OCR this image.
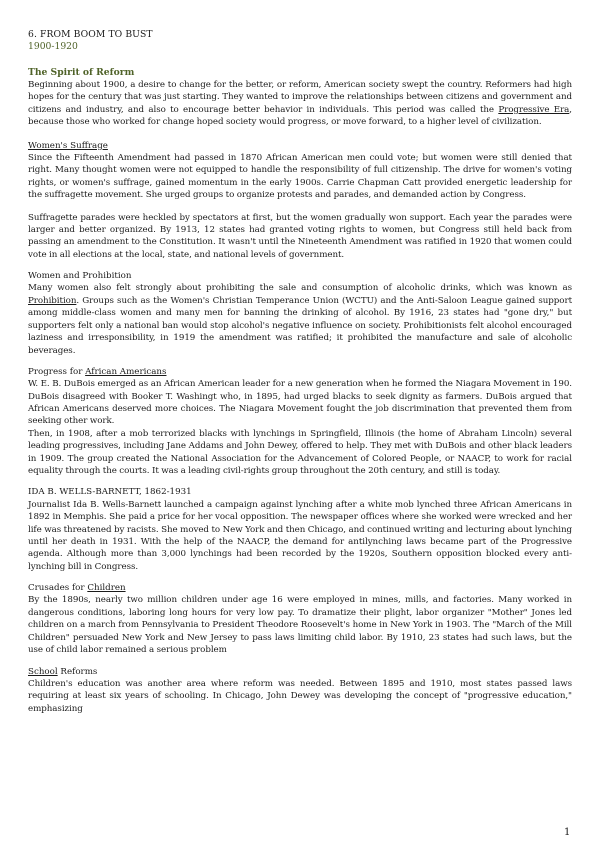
6. FROM BOOM TO BUST
1900-1920
The Spirit of Reform
Beginning about 1900, a desire to change for the better, or reform, American society swept the country. Reformers had high hopes for the century that was just starting. They wanted to improve the relationships between citizens and government and citizens and industry, and also to encourage better behavior in individuals. This period was called the Progressive Era, because those who worked for change hoped society would progress, or move forward, to a higher level of civilization.
Women's Suffrage
Since the Fifteenth Amendment had passed in 1870 African American men could vote; but women were still denied that right. Many thought women were not equipped to handle the responsibility of full citizenship. The drive for women's voting rights, or women's suffrage, gained momentum in the early 1900s. Carrie Chapman Catt provided energetic leadership for the suffragette movement. She urged groups to organize protests and parades, and demanded action by Congress.
Suffragette parades were heckled by spectators at first, but the women gradually won support. Each year the parades were larger and better organized. By 1913, 12 states had granted voting rights to women, but Congress still held back from passing an amendment to the Constitution. It wasn't until the Nineteenth Amendment was ratified in 1920 that women could vote in all elections at the local, state, and national levels of government.
Women and Prohibition
Many women also felt strongly about prohibiting the sale and consumption of alcoholic drinks, which was known as Prohibition. Groups such as the Women's Christian Temperance Union (WCTU) and the Anti-Saloon League gained support among middle-class women and many men for banning the drinking of alcohol. By 1916, 23 states had "gone dry," but supporters felt only a national ban would stop alcohol's negative influence on society. Prohibitionists felt alcohol encouraged laziness and irresponsibility, in 1919 the amendment was ratified; it prohibited the manufacture and sale of alcoholic beverages.
Progress for African Americans
W. E. B. DuBois emerged as an African American leader for a new generation when he formed the Niagara Movement in 190. DuBois disagreed with Booker T. Washingt who, in 1895, had urged blacks to seek dignity as farmers. DuBois argued that African Americans deserved more choices. The Niagara Movement fought the job discrimination that prevented them from seeking other work.
Then, in 1908, after a mob terrorized blacks with lynchings in Springfield, Illinois (the home of Abraham Lincoln) several leading progressives, including Jane Addams and John Dewey, offered to help. They met with DuBois and other black leaders in 1909. The group created the National Association for the Advancement of Colored People, or NAACP, to work for racial equality through the courts. It was a leading civil-rights group throughout the 20th century, and still is today.
IDA B. WELLS-BARNETT, 1862-1931
Journalist Ida B. Wells-Barnett launched a campaign against lynching after a white mob lynched three African Americans in 1892 in Memphis. She paid a price for her vocal opposition. The newspaper offices where she worked were wrecked and her life was threatened by racists. She moved to New York and then Chicago, and continued writing and lecturing about lynching until her death in 1931. With the help of the NAACP, the demand for antilynching laws became part of the Progressive agenda. Although more than 3,000 lynchings had been recorded by the 1920s, Southern opposition blocked every anti-lynching bill in Congress.
Crusades for Children
By the 1890s, nearly two million children under age 16 were employed in mines, mills, and factories. Many worked in dangerous conditions, laboring long hours for very low pay. To dramatize their plight, labor organizer "Mother" Jones led children on a march from Pennsylvania to President Theodore Roosevelt's home in New York in 1903. The "March of the Mill Children" persuaded New York and New Jersey to pass laws limiting child labor. By 1910, 23 states had such laws, but the use of child labor remained a serious problem
School Reforms
Children's education was another area where reform was needed. Between 1895 and 1910, most states passed laws requiring at least six years of schooling. In Chicago, John Dewey was developing the concept of "progressive education," emphasizing
1
